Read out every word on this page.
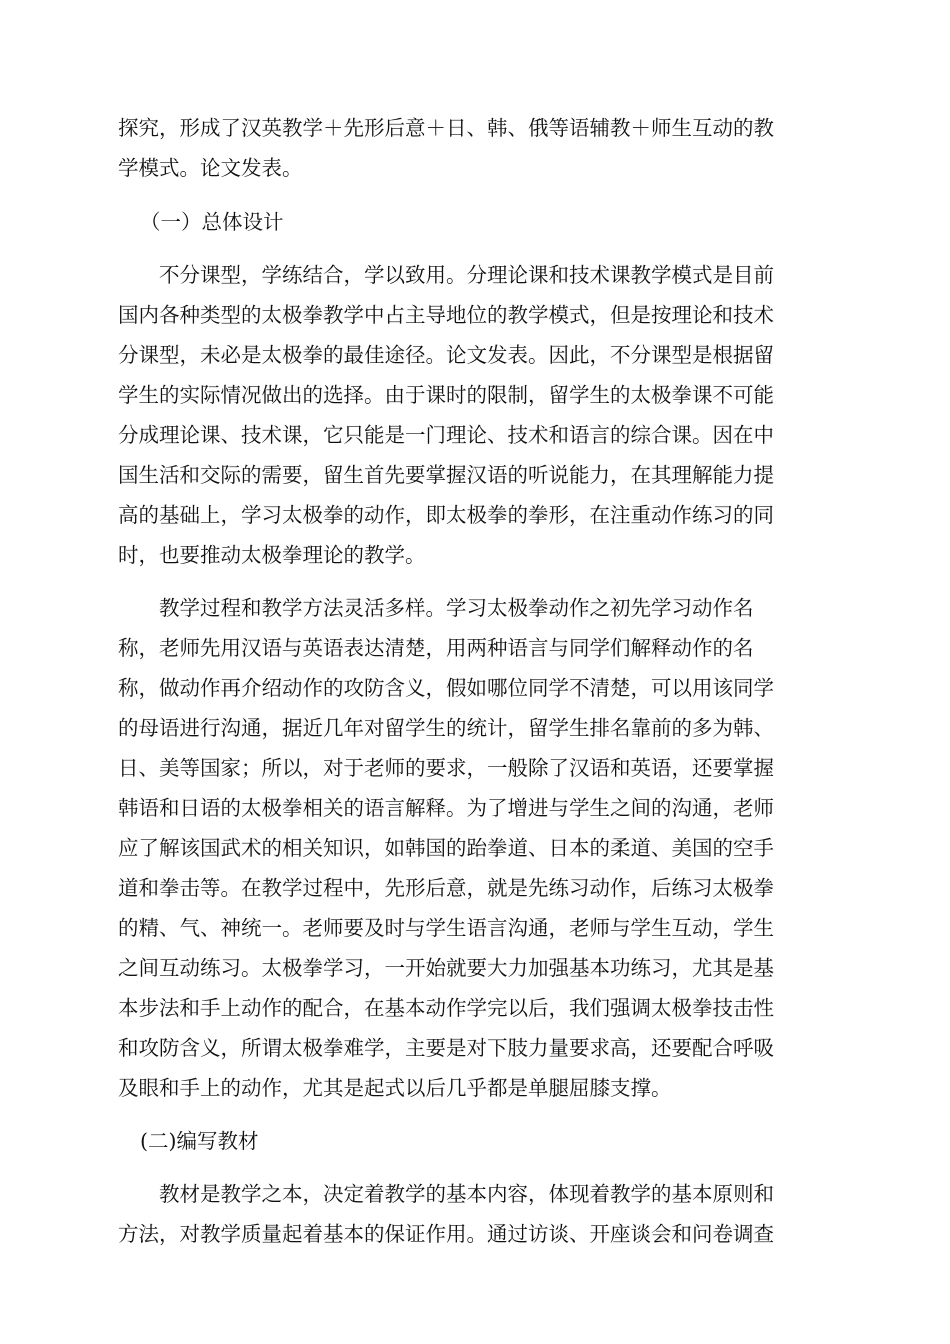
探究，形成了汉英教学＋先形后意＋日、韩、俄等语辅教＋师生互动的教
学模式。论文发表。
（一）总体设计
　　不分课型，学练结合，学以致用。分理论课和技术课教学模式是目前
国内各种类型的太极拳教学中占主导地位的教学模式，但是按理论和技术
分课型，未必是太极拳的最佳途径。论文发表。因此，不分课型是根据留
学生的实际情况做出的选择。由于课时的限制，留学生的太极拳课不可能
分成理论课、技术课，它只能是一门理论、技术和语言的综合课。因在中
国生活和交际的需要，留生首先要掌握汉语的听说能力，在其理解能力提
高的基础上，学习太极拳的动作，即太极拳的拳形，在注重动作练习的同
时，也要推动太极拳理论的教学。
　　教学过程和教学方法灵活多样。学习太极拳动作之初先学习动作名
称，老师先用汉语与英语表达清楚，用两种语言与同学们解释动作的名
称，做动作再介绍动作的攻防含义，假如哪位同学不清楚，可以用该同学
的母语进行沟通，据近几年对留学生的统计，留学生排名靠前的多为韩、
日、美等国家；所以，对于老师的要求，一般除了汉语和英语，还要掌握
韩语和日语的太极拳相关的语言解释。为了增进与学生之间的沟通，老师
应了解该国武术的相关知识，如韩国的跆拳道、日本的柔道、美国的空手
道和拳击等。在教学过程中，先形后意，就是先练习动作，后练习太极拳
的精、气、神统一。老师要及时与学生语言沟通，老师与学生互动，学生
之间互动练习。太极拳学习，一开始就要大力加强基本功练习，尤其是基
本步法和手上动作的配合，在基本动作学完以后，我们强调太极拳技击性
和攻防含义，所谓太极拳难学，主要是对下肢力量要求高，还要配合呼吸
及眼和手上的动作，尤其是起式以后几乎都是单腿屈膝支撑。
(二)编写教材
　　教材是教学之本，决定着教学的基本内容，体现着教学的基本原则和
方法，对教学质量起着基本的保证作用。通过访谈、开座谈会和问卷调查
